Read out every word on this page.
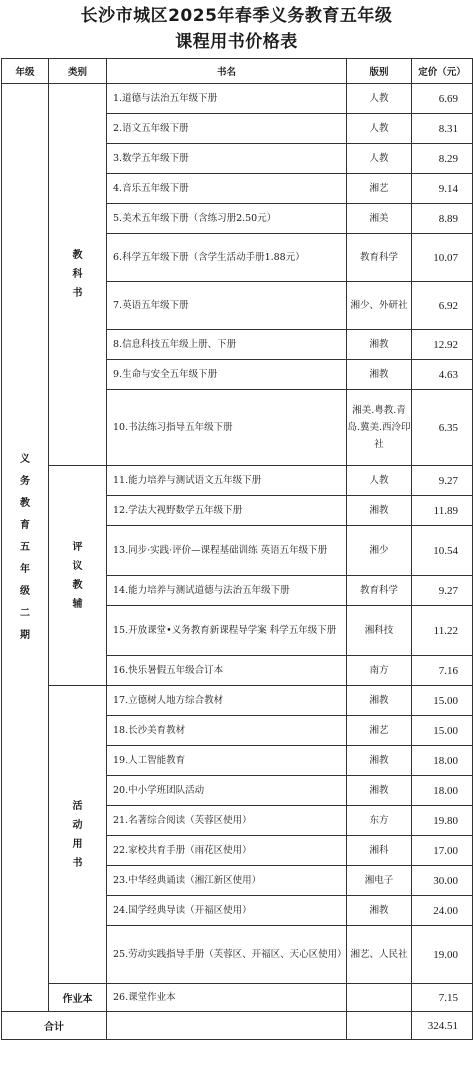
长沙市城区2025年春季义务教育五年级
课程用书价格表
年级	类别	书名	版别	定价（元）
义务教育五年级二期	教科书	1.道德与法治五年级下册	人教	6.69
		2.语文五年级下册	人教	8.31
		3.数学五年级下册	人教	8.29
		4.音乐五年级下册	湘艺	9.14
		5.美术五年级下册（含练习册2.50元）	湘美	8.89
		6.科学五年级下册（含学生活动手册1.88元）	教育科学	10.07
		7.英语五年级下册	湘少、外研社	6.92
		8.信息科技五年级上册、下册	湘教	12.92
		9.生命与安全五年级下册	湘教	4.63
		10.书法练习指导五年级下册	湘美.粤教.青岛.冀美.西泠印社	6.35
	评议教辅	11.能力培养与测试语文五年级下册	人教	9.27
		12.学法大视野数学五年级下册	湘教	11.89
		13.同步·实践·评价—课程基础训练 英语五年级下册	湘少	10.54
		14.能力培养与测试道德与法治五年级下册	教育科学	9.27
		15.开放课堂•义务教育新课程导学案 科学五年级下册	湘科技	11.22
		16.快乐暑假五年级合订本	南方	7.16
	活动用书	17.立德树人地方综合教材	湘教	15.00
		18.长沙美育教材	湘艺	15.00
		19.人工智能教育	湘教	18.00
		20.中小学班团队活动	湘教	18.00
		21.名著综合阅读（芙蓉区使用）	东方	19.80
		22.家校共育手册（雨花区使用）	湘科	17.00
		23.中华经典诵读（湘江新区使用）	湘电子	30.00
		24.国学经典导读（开福区使用）	湘教	24.00
		25.劳动实践指导手册（芙蓉区、开福区、天心区使用）	湘艺、人民社	19.00
	作业本	26.课堂作业本		7.15
合计				324.51
